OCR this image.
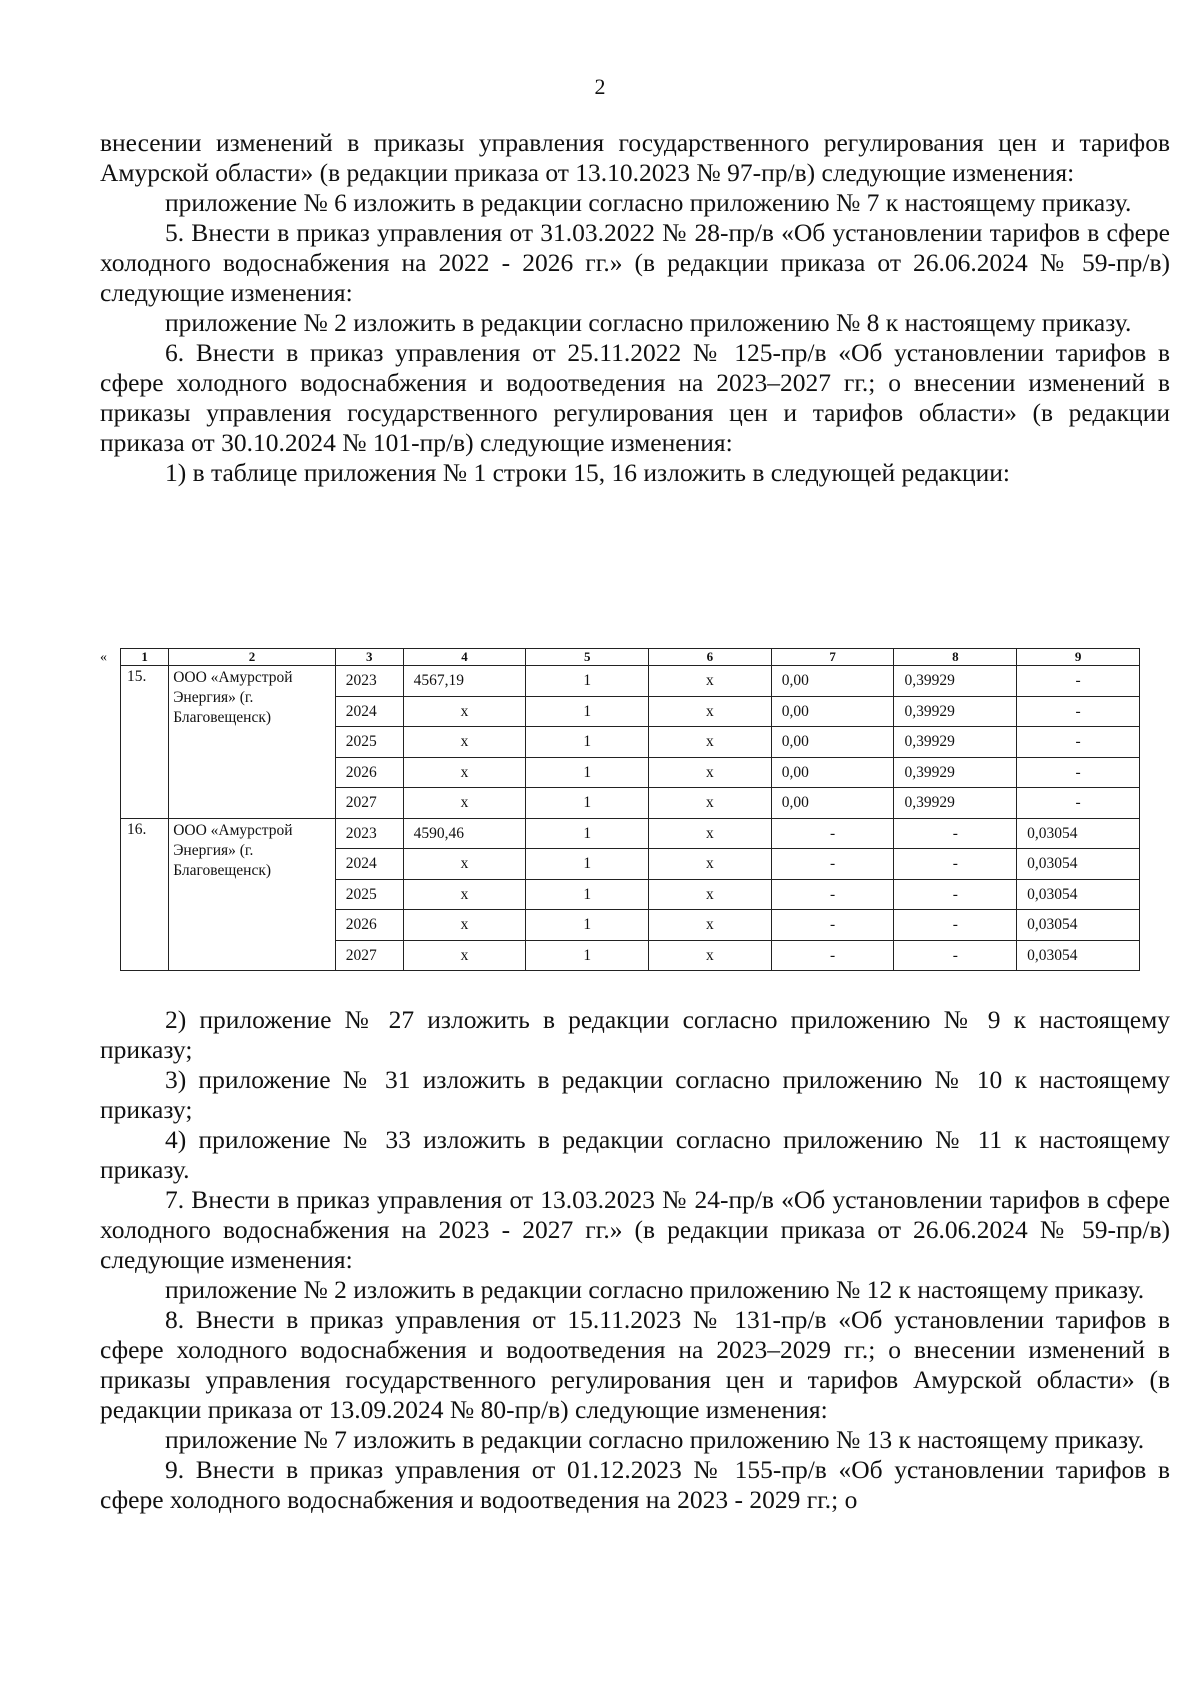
2

внесении изменений в приказы управления государственного регулирования цен и тарифов Амурской области» (в редакции приказа от 13.10.2023 № 97-пр/в) следующие изменения:

приложение № 6 изложить в редакции согласно приложению № 7 к настоящему приказу.

5. Внести в приказ управления от 31.03.2022 № 28-пр/в «Об установлении тарифов в сфере холодного водоснабжения на 2022 - 2026 гг.» (в редакции приказа от 26.06.2024 № 59-пр/в) следующие изменения:

приложение № 2 изложить в редакции согласно приложению № 8 к настоящему приказу.

6. Внести в приказ управления от 25.11.2022 № 125-пр/в «Об установлении тарифов в сфере холодного водоснабжения и водоотведения на 2023–2027 гг.; о внесении изменений в приказы управления государственного регулирования цен и тарифов области» (в редакции приказа от 30.10.2024 № 101-пр/в) следующие изменения:

1) в таблице приложения № 1 строки 15, 16 изложить в следующей редакции:

«	1	2	3	4	5	6	7	8	9
15.	ООО «Амурстрой Энергия» (г. Благовещенск)	2023	4567,19	1	х	0,00	0,39929	-
		2024	х	1	х	0,00	0,39929	-
		2025	х	1	х	0,00	0,39929	-
		2026	х	1	х	0,00	0,39929	-
		2027	х	1	х	0,00	0,39929	-
16.	ООО «Амурстрой Энергия» (г. Благовещенск)	2023	4590,46	1	х	-	-	0,03054
		2024	х	1	х	-	-	0,03054
		2025	х	1	х	-	-	0,03054
		2026	х	1	х	-	-	0,03054
		2027	х	1	х	-	-	0,03054

2) приложение № 27 изложить в редакции согласно приложению № 9 к настоящему приказу;

3) приложение № 31 изложить в редакции согласно приложению № 10 к настоящему приказу;

4) приложение № 33 изложить в редакции согласно приложению № 11 к настоящему приказу.

7. Внести в приказ управления от 13.03.2023 № 24-пр/в «Об установлении тарифов в сфере холодного водоснабжения на 2023 - 2027 гг.» (в редакции приказа от 26.06.2024 № 59-пр/в) следующие изменения:

приложение № 2 изложить в редакции согласно приложению № 12 к настоящему приказу.

8. Внести в приказ управления от 15.11.2023 № 131-пр/в «Об установлении тарифов в сфере холодного водоснабжения и водоотведения на 2023–2029 гг.; о внесении изменений в приказы управления государственного регулирования цен и тарифов Амурской области» (в редакции приказа от 13.09.2024 № 80-пр/в) следующие изменения:

приложение № 7 изложить в редакции согласно приложению № 13 к настоящему приказу.

9. Внести в приказ управления от 01.12.2023 № 155-пр/в «Об установлении тарифов в сфере холодного водоснабжения и водоотведения на 2023 - 2029 гг.; о
